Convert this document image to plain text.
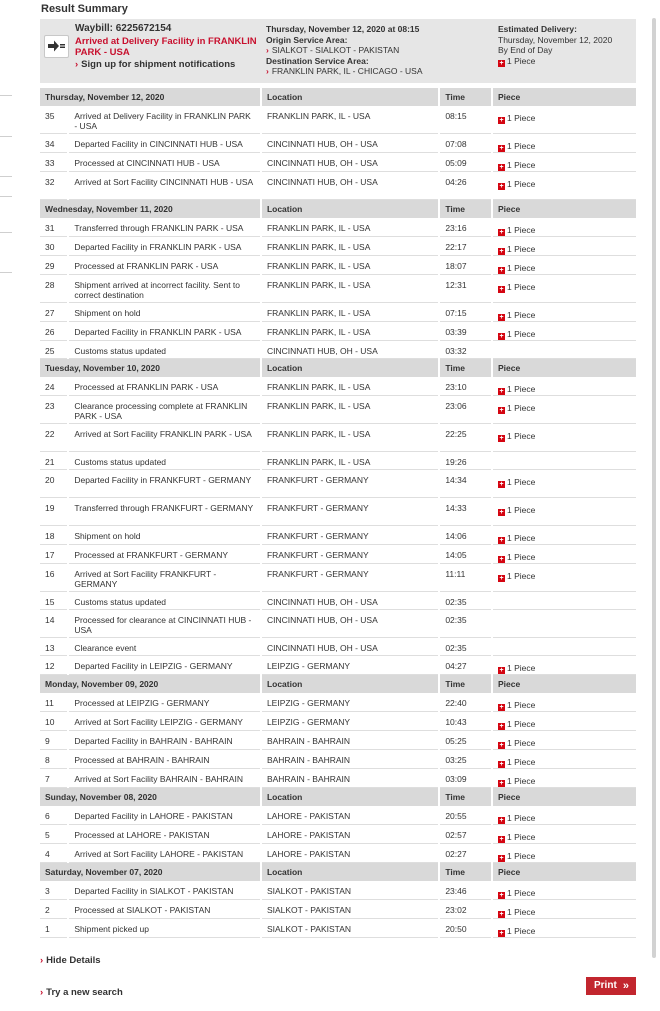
Result Summary
Waybill: 6225672154
Arrived at Delivery Facility in FRANKLIN PARK - USA
› Sign up for shipment notifications
Thursday, November 12, 2020 at 08:15
Origin Service Area:
› SIALKOT - SIALKOT - PAKISTAN
Destination Service Area:
› FRANKLIN PARK, IL - CHICAGO - USA
Estimated Delivery:
Thursday, November 12, 2020
By End of Day
+ 1 Piece
Thursday, November 12, 2020		Location	Time	Piece
35	Arrived at Delivery Facility in FRANKLIN PARK - USA	FRANKLIN PARK, IL - USA	08:15	+ 1 Piece
34	Departed Facility in CINCINNATI HUB - USA	CINCINNATI HUB, OH - USA	07:08	+ 1 Piece
33	Processed at CINCINNATI HUB - USA	CINCINNATI HUB, OH - USA	05:09	+ 1 Piece
32	Arrived at Sort Facility CINCINNATI HUB - USA	CINCINNATI HUB, OH - USA	04:26	+ 1 Piece
Wednesday, November 11, 2020		Location	Time	Piece
31	Transferred through FRANKLIN PARK - USA	FRANKLIN PARK, IL - USA	23:16	+ 1 Piece
30	Departed Facility in FRANKLIN PARK - USA	FRANKLIN PARK, IL - USA	22:17	+ 1 Piece
29	Processed at FRANKLIN PARK - USA	FRANKLIN PARK, IL - USA	18:07	+ 1 Piece
28	Shipment arrived at incorrect facility. Sent to correct destination	FRANKLIN PARK, IL - USA	12:31	+ 1 Piece
27	Shipment on hold	FRANKLIN PARK, IL - USA	07:15	+ 1 Piece
26	Departed Facility in FRANKLIN PARK - USA	FRANKLIN PARK, IL - USA	03:39	+ 1 Piece
25	Customs status updated	CINCINNATI HUB, OH - USA	03:32	
Tuesday, November 10, 2020		Location	Time	Piece
24	Processed at FRANKLIN PARK - USA	FRANKLIN PARK, IL - USA	23:10	+ 1 Piece
23	Clearance processing complete at FRANKLIN PARK - USA	FRANKLIN PARK, IL - USA	23:06	+ 1 Piece
22	Arrived at Sort Facility FRANKLIN PARK - USA	FRANKLIN PARK, IL - USA	22:25	+ 1 Piece
21	Customs status updated	FRANKLIN PARK, IL - USA	19:26	
20	Departed Facility in FRANKFURT - GERMANY	FRANKFURT - GERMANY	14:34	+ 1 Piece
19	Transferred through FRANKFURT - GERMANY	FRANKFURT - GERMANY	14:33	+ 1 Piece
18	Shipment on hold	FRANKFURT - GERMANY	14:06	+ 1 Piece
17	Processed at FRANKFURT - GERMANY	FRANKFURT - GERMANY	14:05	+ 1 Piece
16	Arrived at Sort Facility FRANKFURT - GERMANY	FRANKFURT - GERMANY	11:11	+ 1 Piece
15	Customs status updated	CINCINNATI HUB, OH - USA	02:35	
14	Processed for clearance at CINCINNATI HUB - USA	CINCINNATI HUB, OH - USA	02:35	
13	Clearance event	CINCINNATI HUB, OH - USA	02:35	
12	Departed Facility in LEIPZIG - GERMANY	LEIPZIG - GERMANY	04:27	+ 1 Piece
Monday, November 09, 2020		Location	Time	Piece
11	Processed at LEIPZIG - GERMANY	LEIPZIG - GERMANY	22:40	+ 1 Piece
10	Arrived at Sort Facility LEIPZIG - GERMANY	LEIPZIG - GERMANY	10:43	+ 1 Piece
9	Departed Facility in BAHRAIN - BAHRAIN	BAHRAIN - BAHRAIN	05:25	+ 1 Piece
8	Processed at BAHRAIN - BAHRAIN	BAHRAIN - BAHRAIN	03:25	+ 1 Piece
7	Arrived at Sort Facility BAHRAIN - BAHRAIN	BAHRAIN - BAHRAIN	03:09	+ 1 Piece
Sunday, November 08, 2020		Location	Time	Piece
6	Departed Facility in LAHORE - PAKISTAN	LAHORE - PAKISTAN	20:55	+ 1 Piece
5	Processed at LAHORE - PAKISTAN	LAHORE - PAKISTAN	02:57	+ 1 Piece
4	Arrived at Sort Facility LAHORE - PAKISTAN	LAHORE - PAKISTAN	02:27	+ 1 Piece
Saturday, November 07, 2020		Location	Time	Piece
3	Departed Facility in SIALKOT - PAKISTAN	SIALKOT - PAKISTAN	23:46	+ 1 Piece
2	Processed at SIALKOT - PAKISTAN	SIALKOT - PAKISTAN	23:02	+ 1 Piece
1	Shipment picked up	SIALKOT - PAKISTAN	20:50	+ 1 Piece
› Hide Details
› Try a new search
Print »
